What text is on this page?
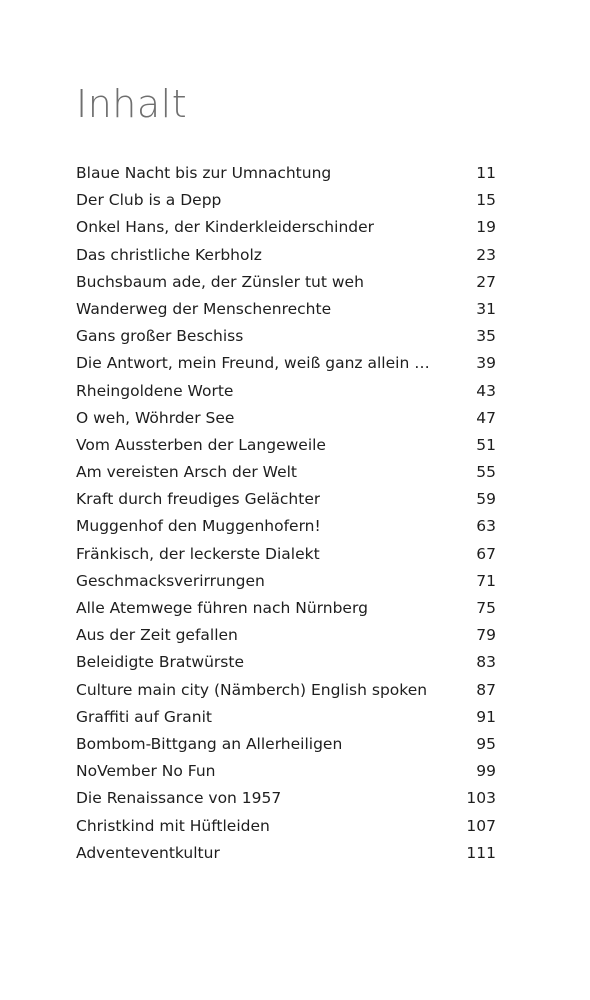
Inhalt
Blaue Nacht bis zur Umnachtung	11
Der Club is a Depp	15
Onkel Hans, der Kinderkleiderschinder	19
Das christliche Kerbholz	23
Buchsbaum ade, der Zünsler tut weh	27
Wanderweg der Menschenrechte	31
Gans großer Beschiss	35
Die Antwort, mein Freund, weiß ganz allein …	39
Rheingoldene Worte	43
O weh, Wöhrder See	47
Vom Aussterben der Langeweile	51
Am vereisten Arsch der Welt	55
Kraft durch freudiges Gelächter	59
Muggenhof den Muggenhofern!	63
Fränkisch, der leckerste Dialekt	67
Geschmacksverirrungen	71
Alle Atemwege führen nach Nürnberg	75
Aus der Zeit gefallen	79
Beleidigte Bratwürste	83
Culture main city (Nämberch) English spoken	87
Graffiti auf Granit	91
Bombom-Bittgang an Allerheiligen	95
NoVember No Fun	99
Die Renaissance von 1957	103
Christkind mit Hüftleiden	107
Adventeventkultur	111
